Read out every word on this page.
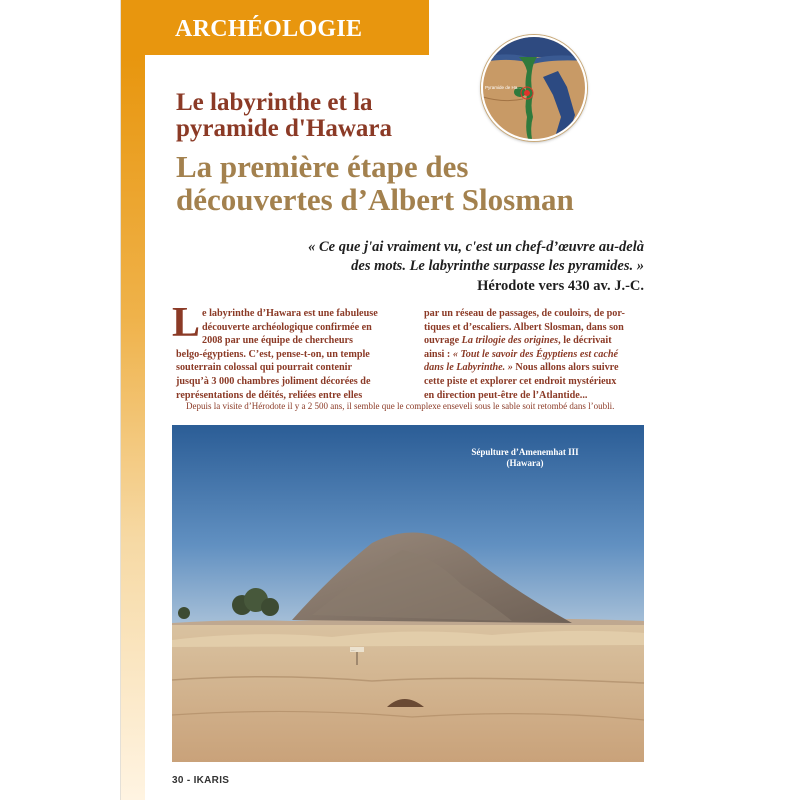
ARCHÉOLOGIE
Pyramide de Ha...
Le labyrinthe et la
pyramide d'Hawara
La première étape des
découvertes d’Albert Slosman
« Ce que j'ai vraiment vu, c'est un chef-d’œuvre au-delà
des mots. Le labyrinthe surpasse les pyramides. »
Hérodote vers 430 av. J.-C.
L e labyrinthe d’Hawara est une fabuleuse
découverte archéologique confirmée en
2008 par une équipe de chercheurs
belgo-égyptiens. C’est, pense-t-on, un temple
souterrain colossal qui pourrait contenir
jusqu’à 3 000 chambres joliment décorées de
représentations de déités, reliées entre elles
par un réseau de passages, de couloirs, de por-
tiques et d’escaliers. Albert Slosman, dans son
ouvrage La trilogie des origines, le décrivait
ainsi : « Tout le savoir des Égyptiens est caché
dans le Labyrinthe. » Nous allons alors suivre
cette piste et explorer cet endroit mystérieux
en direction peut-être de l’Atlantide...
Depuis la visite d’Hérodote il y a 2 500 ans, il semble que le complexe enseveli sous le sable soit retombé dans l’oubli.
....
Sépulture d’Amenemhat III
(Hawara)
30 - IKARIS
